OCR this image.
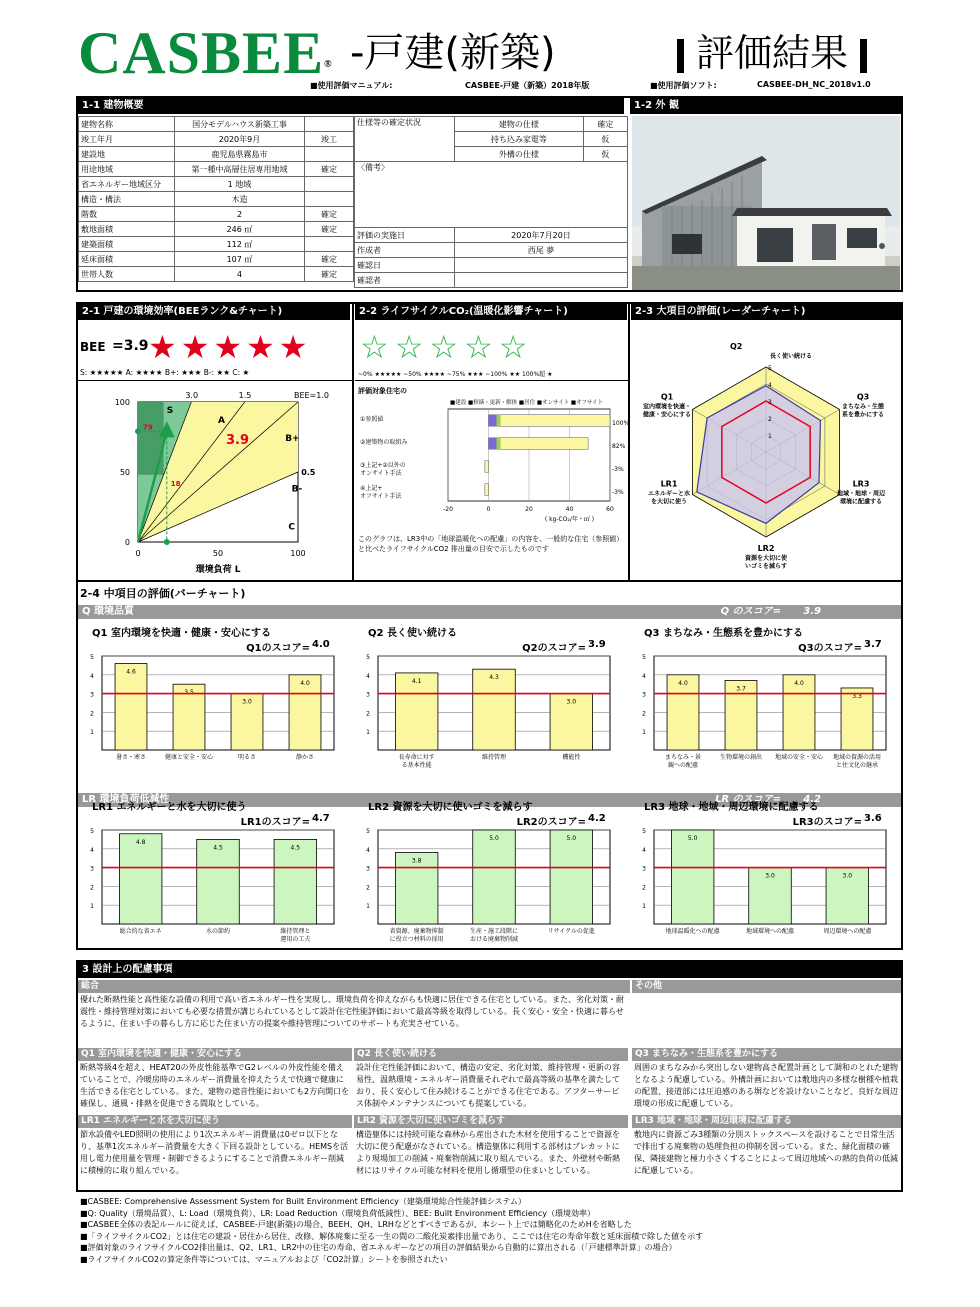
CASBEE® -戸建(新築)	評価結果
■使用評価マニュアル:	CASBEE-戸建（新築）2018年版	■使用評価ソフト:	CASBEE-DH_NC_2018v1.0
1-1 建物概要	1-2 外 観
建物名称	国分モデルハウス新築工事	
竣工年月	2020年9月	竣工
建設地	鹿児島県霧島市	
用途地域	第一種中高層住居専用地域	確定
省エネルギー地域区分	1 地域	
構造・構法	木造	
階数	2	確定
敷地面積	246 ㎡	確定
建築面積	112 ㎡	
延床面積	107 ㎡	確定
世帯人数	4	確定
仕様等の確定状況	建物の仕様	確定
	持ち込み家電等	仮
	外構の仕様	仮
〈備考〉		
評価の実施日	2020年7月20日	
作成者	西尾 夢	
確認日		
確認者		
2-1 戸建の環境効率(BEEランク&チャート)	2-2 ライフサイクルCO₂(温暖化影響チャート)	2-3 大項目の評価(レーダーチャート)
BEE =3.9 ★★★★★
S: ★★★★★ A: ★★★★ B+: ★★★ B-: ★★ C: ★
79
18
3.9
S
A
B+
B-
C
0.5
3.0	1.5	BEE=1.0
100
50
0
0	50	100
環境負荷 L
☆☆☆☆☆
~0% ★★★★★ ~50% ★★★★ ~75% ★★★ ~100% ★★ 100%超 ★
評価対象住宅の
■建設 ■修繕・更新・解体 ■居住 ■オンサイト ■オフサイト
100%
①参照値
82%
②建築物の取組み
-3%
③上記+②以外の
オンサイト手法
-3%
④上記+
オフサイト手法
-20	0	20	40	60
( kg-CO₂/年・㎡ )
このグラフは、LR3中の「地球温暖化への配慮」の内容を、一般的な住宅（参照値）と比べたライフサイクルCO2 排出量の目安で示したものです
1
2
3
4
5
Q2
長く使い続ける
Q3
まちなみ・生態
系を豊かにする
LR3
地域・地球・周辺
環境に配慮する
LR2
資源を大切に使
いゴミを減らす
LR1
エネルギーと水
を大切に使う
Q1
室内環境を快適・
健康・安心にする
2-4 中項目の評価(バーチャート)
Q 環境品質	Q のスコア= 3.9
LR 環境負荷低減性	LR のスコア= 4.2
Q1 室内環境を快適・健康・安心にする
Q1のスコア= 4.0
1
2
3
4
5
4.6
暑さ・寒さ
3.5
健康と安全・安心
3.0
明るさ
4.0
静かさ
Q2 長く使い続ける
Q2のスコア= 3.9
1
2
3
4
5
4.1
長寿命に対す
る基本性能
4.3
維持管理
3.0
機能性
Q3 まちなみ・生態系を豊かにする
Q3のスコア= 3.7
1
2
3
4
5
4.0
まちなみ・景
観への配慮
3.7
生物環境の創出
4.0
地域の安全・安心
3.3
地域の資源の活用
と住文化の継承
LR1 エネルギーと水を大切に使う
LR1のスコア= 4.7
1
2
3
4
5
4.8
総合的な省エネ
4.5
水の節約
4.5
維持管理と
運用の工夫
LR2 資源を大切に使いゴミを減らす
LR2のスコア= 4.2
1
2
3
4
5
3.8
省資源、廃棄物抑制
に役立つ材料の採用
5.0
生産・施工段階に
おける廃棄物削減
5.0
リサイクルの促進
LR3 地球・地域・周辺環境に配慮する
LR3のスコア= 3.6
1
2
3
4
5
5.0
地球温暖化への配慮
3.0
地域環境への配慮
3.0
周辺環境への配慮
3 設計上の配慮事項
総合	その他
優れた断熱性能と高性能な設備の利用で高い省エネルギー性を実現し、環境負荷を抑えながらも快適に居住できる住宅としている。また、劣化対策・耐震性・維持管理対策においても必要な措置が講じられているとして設計住宅性能評価において最高等級を取得している。長く安心・安全・快適に暮らせるように、住まい手の暮らし方に応じた住まい方の提案や維持管理についてのサポートも充実させている。
Q1 室内環境を快適・健康・安心にする
断熱等級4を超え、HEAT20の外皮性能基準でG2レベルの外皮性能を備えていることで、冷暖房時のエネルギー消費量を抑えたうえで快適で健康に生活できる住宅としている。また、建物の遮音性能においても2方向開口を確保し、通風・排熱を促進できる間取としている。
Q2 長く使い続ける
設計住宅性能評価において、構造の安定、劣化対策、維持管理・更新の容易性、温熱環境・エネルギー消費量それぞれで最高等級の基準を満たしており、長く安心して住み続けることができる住宅である。アフターサービス体制やメンテナンスについても提案している。
Q3 まちなみ・生態系を豊かにする
周囲のまちなみから突出しない建物高さ配置計画として調和のとれた建物となるよう配慮している。外構計画においては敷地内の多様な樹種や植栽の配置、接道部には圧迫感のある塀などを設けないことなど、良好な周辺環境の形成に配慮している。
LR1 エネルギーと水を大切に使う
節水設備やLED照明の使用により1次エネルギー消費量は0ゼロ以下となり、基準1次エネルギー消費量を大きく下回る設計としている。HEMSを活用し電力使用量を管理・制御できるようにすることで消費エネルギー削減に積極的に取り組んでいる。
LR2 資源を大切に使いゴミを減らす
構造躯体には持続可能な森林から産出された木材を使用することで資源を大切に使う配慮がなされている。構造躯体に利用する部材はプレカットにより現場加工の削減・廃棄物削減に取り組んでいる。また、外壁材や断熱材にはリサイクル可能な材料を使用し循環型の住まいとしている。
LR3 地域・地球・周辺環境に配慮する
敷地内に資源ごみ3種類の分別ストックスペースを設けることで日常生活で排出する廃棄物の処理負担の抑制を図っている。また、緑化面積の確保、隣接建物と極力小さくすることによって周辺地域への熱的負荷の低減に配慮している。
■CASBEE: Comprehensive Assessment System for Built Environment Efficiency（建築環境総合性能評価システム）
■Q: Quality（環境品質）、L: Load（環境負荷）、LR: Load Reduction（環境負荷低減性）、BEE: Built Environment Efficiency（環境効率）
■CASBEE全体の表記ルールに従えば、CASBEE-戸建(新築)の場合、BEEH、QH、LRHなどとすべきであるが、本シート上では簡略化のためHを省略した
■「ライフサイクルCO2」とは住宅の建設・居住から居住、改修、解体廃棄に至る一生の間の二酸化炭素排出量であり、ここでは住宅の寿命年数と延床面積で除した値を示す
■評価対象のライフサイクルCO2排出量は、Q2、LR1、LR2中の住宅の寿命、省エネルギーなどの項目の評価結果から自動的に算出される（「戸建標準計算」の場合）
■ライフサイクルCO2の算定条件等については、マニュアルおよび「CO2計算」シートを参照されたい
